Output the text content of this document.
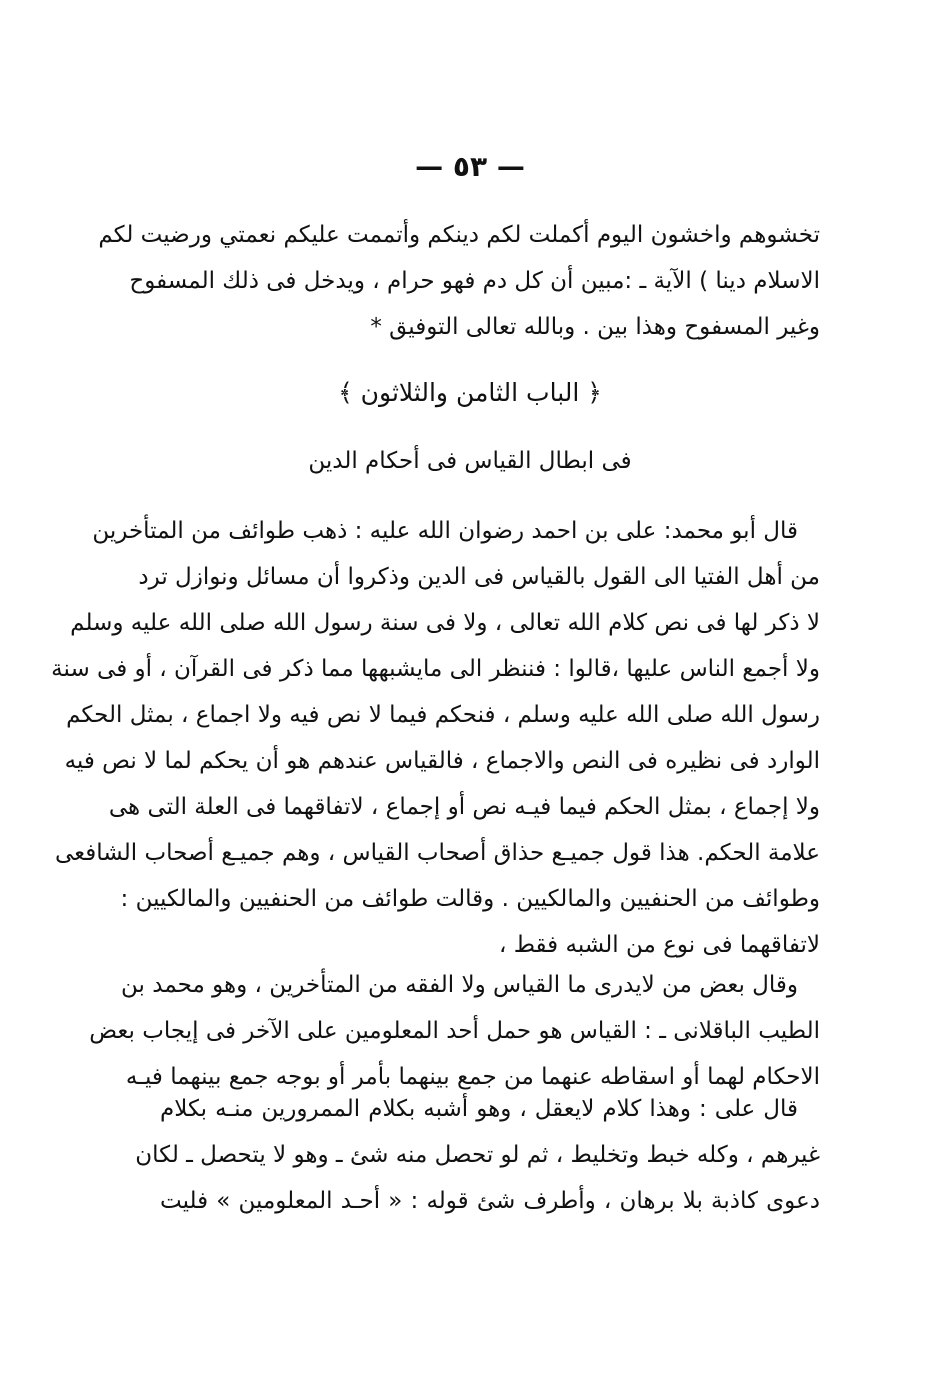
— ٥٣ —
تخشوهم واخشون اليوم أكملت لكم دينكم وأتممت عليكم نعمتي ورضيت لكم
الاسلام دينا ) الآية ـ :مبين أن كل دم فهو حرام ، ويدخل فى ذلك المسفوح
وغير المسفوح وهذا بين . وبالله تعالى التوفيق *
﴿ الباب الثامن والثلاثون ﴾
فى ابطال القياس فى أحكام الدين
قال أبو محمد: على بن احمد رضوان الله عليه : ذهب طوائف من المتأخرين
من أهل الفتيا الى القول بالقياس فى الدين وذكروا أن مسائل ونوازل ترد
لا ذكر لها فى نص كلام الله تعالى ، ولا فى سنة رسول الله صلى الله عليه وسلم
ولا أجمع الناس عليها ،قالوا : فننظر الى مايشبهها مما ذكر فى القرآن ، أو فى سنة
رسول الله صلى الله عليه وسلم ، فنحكم فيما لا نص فيه ولا اجماع ، بمثل الحكم
الوارد فى نظيره فى النص والاجماع ، فالقياس عندهم هو أن يحكم لما لا نص فيه
ولا إجماع ، بمثل الحكم فيما فيـه نص أو إجماع ، لاتفاقهما فى العلة التى هى
علامة الحكم. هذا قول جميـع حذاق أصحاب القياس ، وهم جميـع أصحاب الشافعى
وطوائف من الحنفيين والمالكيين . وقالت طوائف من الحنفيين والمالكيين :
لاتفاقهما فى نوع من الشبه فقط ،
وقال بعض من لايدرى ما القياس ولا الفقه من المتأخرين ، وهو محمد بن
الطيب الباقلانى ـ : القياس هو حمل أحد المعلومين على الآخر فى إيجاب بعض
الاحكام لهما أو اسقاطه عنهما من جمع بينهما بأمر أو بوجه جمع بينهما فيـه
قال على : وهذا كلام لايعقل ، وهو أشبه بكلام الممرورين منـه بكلام
غيرهم ، وكله خبط وتخليط ، ثم لو تحصل منه شئ ـ وهو لا يتحصل ـ لكان
دعوى كاذبة بلا برهان ، وأطرف شئ قوله : « أحـد المعلومين » فليت
